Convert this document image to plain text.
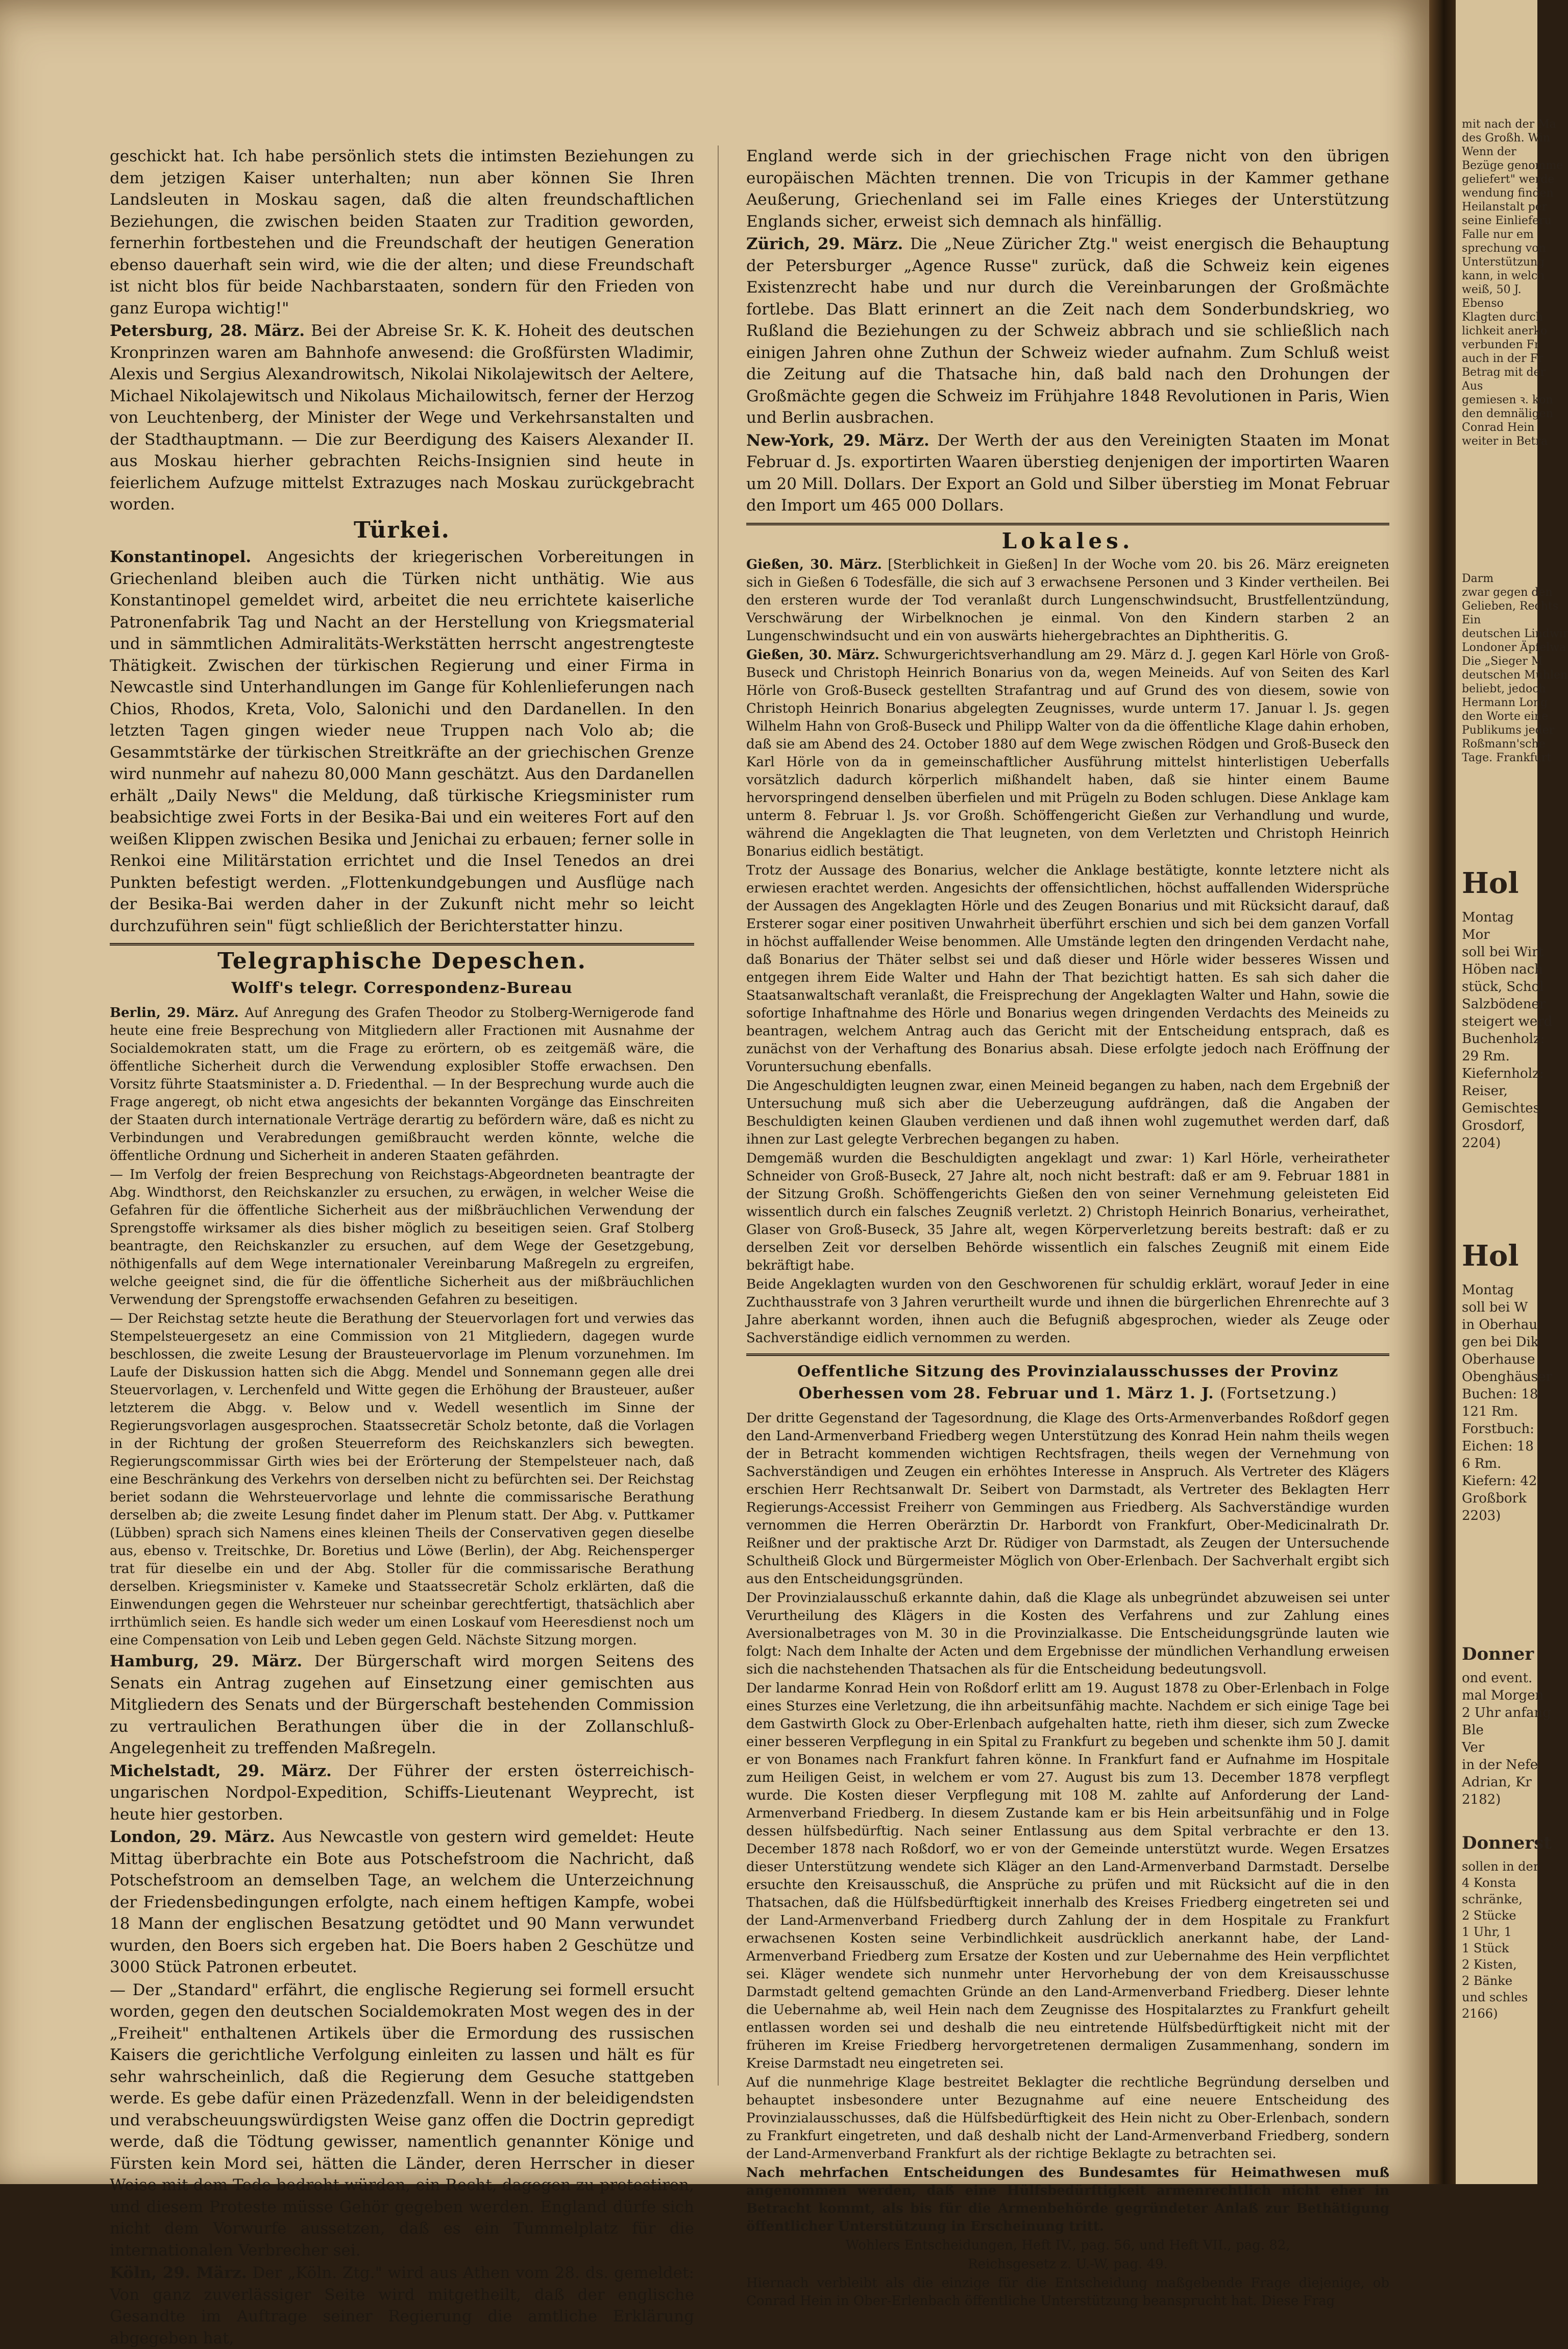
geschickt hat. Ich habe persönlich stets die intimsten Beziehungen zu dem jetzigen Kaiser unterhalten; nun aber können Sie Ihren Landsleuten in Moskau sagen, daß die alten freundschaftlichen Beziehungen, die zwischen beiden Staaten zur Tradition geworden, fernerhin fortbestehen und die Freundschaft der heutigen Generation ebenso dauerhaft sein wird, wie die der alten; und diese Freundschaft ist nicht blos für beide Nachbarstaaten, sondern für den Frieden von ganz Europa wichtig!"

Petersburg, 28. März. Bei der Abreise Sr. K. K. Hoheit des deutschen Kronprinzen waren am Bahnhofe anwesend: die Großfürsten Wladimir, Alexis und Sergius Alexandrowitsch, Nikolai Nikolajewitsch der Aeltere, Michael Nikolajewitsch und Nikolaus Michailowitsch, ferner der Herzog von Leuchtenberg, der Minister der Wege und Verkehrsanstalten und der Stadthauptmann. — Die zur Beerdigung des Kaisers Alexander II. aus Moskau hierher gebrachten Reichs-Insignien sind heute in feierlichem Aufzuge mittelst Extrazuges nach Moskau zurückgebracht worden.

Türkei.

Konstantinopel. Angesichts der kriegerischen Vorbereitungen in Griechenland bleiben auch die Türken nicht unthätig. Wie aus Konstantinopel gemeldet wird, arbeitet die neu errichtete kaiserliche Patronenfabrik Tag und Nacht an der Herstellung von Kriegsmaterial und in sämmtlichen Admiralitäts-Werkstätten herrscht angestrengteste Thätigkeit. Zwischen der türkischen Regierung und einer Firma in Newcastle sind Unterhandlungen im Gange für Kohlenlieferungen nach Chios, Rhodos, Kreta, Volo, Salonichi und den Dardanellen. In den letzten Tagen gingen wieder neue Truppen nach Volo ab; die Gesammtstärke der türkischen Streitkräfte an der griechischen Grenze wird nunmehr auf nahezu 80,000 Mann geschätzt. Aus den Dardanellen erhält „Daily News" die Meldung, daß türkische Kriegsminister rum beabsichtige zwei Forts in der Besika-Bai und ein weiteres Fort auf den weißen Klippen zwischen Besika und Jenichai zu erbauen; ferner solle in Renkoi eine Militärstation errichtet und die Insel Tenedos an drei Punkten befestigt werden. „Flottenkundgebungen und Ausflüge nach der Besika-Bai werden daher in der Zukunft nicht mehr so leicht durchzuführen sein" fügt schließlich der Berichterstatter hinzu.

Telegraphische Depeschen.
Wolff's telegr. Correspondenz-Bureau

Berlin, 29. März. Auf Anregung des Grafen Theodor zu Stolberg-Wernigerode fand heute eine freie Besprechung von Mitgliedern aller Fractionen mit Ausnahme der Socialdemokraten statt, um die Frage zu erörtern, ob es zeitgemäß wäre, die öffentliche Sicherheit durch die Verwendung explosibler Stoffe erwachsen. Den Vorsitz führte Staatsminister a. D. Friedenthal. — In der Besprechung wurde auch die Frage angeregt, ob nicht etwa angesichts der bekannten Vorgänge das Einschreiten der Staaten durch internationale Verträge derartig zu befördern wäre, daß es nicht zu Verbindungen und Verabredungen gemißbraucht werden könnte, welche die öffentliche Ordnung und Sicherheit in anderen Staaten gefährden.

— Im Verfolg der freien Besprechung von Reichstags-Abgeordneten beantragte der Abg. Windthorst, den Reichskanzler zu ersuchen, zu erwägen, in welcher Weise die Gefahren für die öffentliche Sicherheit aus der mißbräuchlichen Verwendung der Sprengstoffe wirksamer als dies bisher möglich zu beseitigen seien. Graf Stolberg beantragte, den Reichskanzler zu ersuchen, auf dem Wege der Gesetzgebung, nöthigenfalls auf dem Wege internationaler Vereinbarung Maßregeln zu ergreifen, welche geeignet sind, die für die öffentliche Sicherheit aus der mißbräuchlichen Verwendung der Sprengstoffe erwachsenden Gefahren zu beseitigen.

— Der Reichstag setzte heute die Berathung der Steuervorlagen fort und verwies das Stempelsteuergesetz an eine Commission von 21 Mitgliedern, dagegen wurde beschlossen, die zweite Lesung der Brausteuervorlage im Plenum vorzunehmen. Im Laufe der Diskussion hatten sich die Abgg. Mendel und Sonnemann gegen alle drei Steuervorlagen, v. Lerchenfeld und Witte gegen die Erhöhung der Brausteuer, außer letzterem die Abgg. v. Below und v. Wedell wesentlich im Sinne der Regierungsvorlagen ausgesprochen. Staatssecretär Scholz betonte, daß die Vorlagen in der Richtung der großen Steuerreform des Reichskanzlers sich bewegten. Regierungscommissar Girth wies bei der Erörterung der Stempelsteuer nach, daß eine Beschränkung des Verkehrs von derselben nicht zu befürchten sei. Der Reichstag beriet sodann die Wehrsteuervorlage und lehnte die commissarische Berathung derselben ab; die zweite Lesung findet daher im Plenum statt. Der Abg. v. Puttkamer (Lübben) sprach sich Namens eines kleinen Theils der Conservativen gegen dieselbe aus, ebenso v. Treitschke, Dr. Boretius und Löwe (Berlin), der Abg. Reichensperger trat für dieselbe ein und der Abg. Stoller für die commissarische Berathung derselben. Kriegsminister v. Kameke und Staatssecretär Scholz erklärten, daß die Einwendungen gegen die Wehrsteuer nur scheinbar gerechtfertigt, thatsächlich aber irrthümlich seien. Es handle sich weder um einen Loskauf vom Heeresdienst noch um eine Compensation von Leib und Leben gegen Geld. Nächste Sitzung morgen.

Hamburg, 29. März. Der Bürgerschaft wird morgen Seitens des Senats ein Antrag zugehen auf Einsetzung einer gemischten aus Mitgliedern des Senats und der Bürgerschaft bestehenden Commission zu vertraulichen Berathungen über die in der Zollanschluß-Angelegenheit zu treffenden Maßregeln.

Michelstadt, 29. März. Der Führer der ersten österreichisch-ungarischen Nordpol-Expedition, Schiffs-Lieutenant Weyprecht, ist heute hier gestorben.

London, 29. März. Aus Newcastle von gestern wird gemeldet: Heute Mittag überbrachte ein Bote aus Potschefstroom die Nachricht, daß Potschefstroom an demselben Tage, an welchem die Unterzeichnung der Friedensbedingungen erfolgte, nach einem heftigen Kampfe, wobei 18 Mann der englischen Besatzung getödtet und 90 Mann verwundet wurden, den Boers sich ergeben hat. Die Boers haben 2 Geschütze und 3000 Stück Patronen erbeutet.

— Der „Standard" erfährt, die englische Regierung sei formell ersucht worden, gegen den deutschen Socialdemokraten Most wegen des in der „Freiheit" enthaltenen Artikels über die Ermordung des russischen Kaisers die gerichtliche Verfolgung einleiten zu lassen und hält es für sehr wahrscheinlich, daß die Regierung dem Gesuche stattgeben werde. Es gebe dafür einen Präzedenzfall. Wenn in der beleidigendsten und verabscheuungswürdigsten Weise ganz offen die Doctrin gepredigt werde, daß die Tödtung gewisser, namentlich genannter Könige und Fürsten kein Mord sei, hätten die Länder, deren Herrscher in dieser Weise mit dem Tode bedroht würden, ein Recht, dagegen zu protestiren, und diesem Proteste müsse Gehör gegeben werden. England dürfe sich nicht dem Vorwurfe aussetzen, daß es ein Tummelplatz für die internationalen Verbrecher sei.

Köln, 29. März. Der „Köln. Ztg." wird aus Athen vom 28. ds. gemeldet: Von ganz zuverlässiger Seite wird mitgetheilt, daß der englische Gesandte im Auftrage seiner Regierung die amtliche Erklärung abgegeben hat,

England werde sich in der griechischen Frage nicht von den übrigen europäischen Mächten trennen. Die von Tricupis in der Kammer gethane Aeußerung, Griechenland sei im Falle eines Krieges der Unterstützung Englands sicher, erweist sich demnach als hinfällig.

Zürich, 29. März. Die „Neue Züricher Ztg." weist energisch die Behauptung der Petersburger „Agence Russe" zurück, daß die Schweiz kein eigenes Existenzrecht habe und nur durch die Vereinbarungen der Großmächte fortlebe. Das Blatt erinnert an die Zeit nach dem Sonderbundskrieg, wo Rußland die Beziehungen zu der Schweiz abbrach und sie schließlich nach einigen Jahren ohne Zuthun der Schweiz wieder aufnahm. Zum Schluß weist die Zeitung auf die Thatsache hin, daß bald nach den Drohungen der Großmächte gegen die Schweiz im Frühjahre 1848 Revolutionen in Paris, Wien und Berlin ausbrachen.

New-York, 29. März. Der Werth der aus den Vereinigten Staaten im Monat Februar d. Js. exportirten Waaren überstieg denjenigen der importirten Waaren um 20 Mill. Dollars. Der Export an Gold und Silber überstieg im Monat Februar den Import um 465 000 Dollars.

Lokales.

Gießen, 30. März. [Sterblichkeit in Gießen] In der Woche vom 20. bis 26. März ereigneten sich in Gießen 6 Todesfälle, die sich auf 3 erwachsene Personen und 3 Kinder vertheilen. Bei den ersteren wurde der Tod veranlaßt durch Lungenschwindsucht, Brustfellentzündung, Verschwärung der Wirbelknochen je einmal. Von den Kindern starben 2 an Lungenschwindsucht und ein von auswärts hiehergebrachtes an Diphtheritis. G.

Gießen, 30. März. Schwurgerichtsverhandlung am 29. März d. J. gegen Karl Hörle von Groß-Buseck und Christoph Heinrich Bonarius von da, wegen Meineids. Auf von Seiten des Karl Hörle von Groß-Buseck gestellten Strafantrag und auf Grund des von diesem, sowie von Christoph Heinrich Bonarius abgelegten Zeugnisses, wurde unterm 17. Januar l. Js. gegen Wilhelm Hahn von Groß-Buseck und Philipp Walter von da die öffentliche Klage dahin erhoben, daß sie am Abend des 24. October 1880 auf dem Wege zwischen Rödgen und Groß-Buseck den Karl Hörle von da in gemeinschaftlicher Ausführung mittelst hinterlistigen Ueberfalls vorsätzlich dadurch körperlich mißhandelt haben, daß sie hinter einem Baume hervorspringend denselben überfielen und mit Prügeln zu Boden schlugen. Diese Anklage kam unterm 8. Februar l. Js. vor Großh. Schöffengericht Gießen zur Verhandlung und wurde, während die Angeklagten die That leugneten, von dem Verletzten und Christoph Heinrich Bonarius eidlich bestätigt.

Trotz der Aussage des Bonarius, welcher die Anklage bestätigte, konnte letztere nicht als erwiesen erachtet werden. Angesichts der offensichtlichen, höchst auffallenden Widersprüche der Aussagen des Angeklagten Hörle und des Zeugen Bonarius und mit Rücksicht darauf, daß Ersterer sogar einer positiven Unwahrheit überführt erschien und sich bei dem ganzen Vorfall in höchst auffallender Weise benommen. Alle Umstände legten den dringenden Verdacht nahe, daß Bonarius der Thäter selbst sei und daß dieser und Hörle wider besseres Wissen und entgegen ihrem Eide Walter und Hahn der That bezichtigt hatten. Es sah sich daher die Staatsanwaltschaft veranlaßt, die Freisprechung der Angeklagten Walter und Hahn, sowie die sofortige Inhaftnahme des Hörle und Bonarius wegen dringenden Verdachts des Meineids zu beantragen, welchem Antrag auch das Gericht mit der Entscheidung entsprach, daß es zunächst von der Verhaftung des Bonarius absah. Diese erfolgte jedoch nach Eröffnung der Voruntersuchung ebenfalls.

Die Angeschuldigten leugnen zwar, einen Meineid begangen zu haben, nach dem Ergebniß der Untersuchung muß sich aber die Ueberzeugung aufdrängen, daß die Angaben der Beschuldigten keinen Glauben verdienen und daß ihnen wohl zugemuthet werden darf, daß ihnen zur Last gelegte Verbrechen begangen zu haben.

Demgemäß wurden die Beschuldigten angeklagt und zwar: 1) Karl Hörle, verheiratheter Schneider von Groß-Buseck, 27 Jahre alt, noch nicht bestraft: daß er am 9. Februar 1881 in der Sitzung Großh. Schöffengerichts Gießen den von seiner Vernehmung geleisteten Eid wissentlich durch ein falsches Zeugniß verletzt. 2) Christoph Heinrich Bonarius, verheirathet, Glaser von Groß-Buseck, 35 Jahre alt, wegen Körperverletzung bereits bestraft: daß er zu derselben Zeit vor derselben Behörde wissentlich ein falsches Zeugniß mit einem Eide bekräftigt habe.

Beide Angeklagten wurden von den Geschworenen für schuldig erklärt, worauf Jeder in eine Zuchthausstrafe von 3 Jahren verurtheilt wurde und ihnen die bürgerlichen Ehrenrechte auf 3 Jahre aberkannt worden, ihnen auch die Befugniß abgesprochen, wieder als Zeuge oder Sachverständige eidlich vernommen zu werden.

Oeffentliche Sitzung des Provinzialausschusses der Provinz Oberhessen vom 28. Februar und 1. März 1. J. (Fortsetzung.)

Der dritte Gegenstand der Tagesordnung, die Klage des Orts-Armenverbandes Roßdorf gegen den Land-Armenverband Friedberg wegen Unterstützung des Konrad Hein nahm theils wegen der in Betracht kommenden wichtigen Rechtsfragen, theils wegen der Vernehmung von Sachverständigen und Zeugen ein erhöhtes Interesse in Anspruch. Als Vertreter des Klägers erschien Herr Rechtsanwalt Dr. Seibert von Darmstadt, als Vertreter des Beklagten Herr Regierungs-Accessist Freiherr von Gemmingen aus Friedberg. Als Sachverständige wurden vernommen die Herren Oberärztin Dr. Harbordt von Frankfurt, Ober-Medicinalrath Dr. Reißner und der praktische Arzt Dr. Rüdiger von Darmstadt, als Zeugen der Untersuchende Schultheiß Glock und Bürgermeister Möglich von Ober-Erlenbach. Der Sachverhalt ergibt sich aus den Entscheidungsgründen.

Der Provinzialausschuß erkannte dahin, daß die Klage als unbegründet abzuweisen sei unter Verurtheilung des Klägers in die Kosten des Verfahrens und zur Zahlung eines Aversionalbetrages von M. 30 in die Provinzialkasse. Die Entscheidungsgründe lauten wie folgt: Nach dem Inhalte der Acten und dem Ergebnisse der mündlichen Verhandlung erweisen sich die nachstehenden Thatsachen als für die Entscheidung bedeutungsvoll.

Der landarme Konrad Hein von Roßdorf erlitt am 19. August 1878 zu Ober-Erlenbach in Folge eines Sturzes eine Verletzung, die ihn arbeitsunfähig machte. Nachdem er sich einige Tage bei dem Gastwirth Glock zu Ober-Erlenbach aufgehalten hatte, rieth ihm dieser, sich zum Zwecke einer besseren Verpflegung in ein Spital zu Frankfurt zu begeben und schenkte ihm 50 J. damit er von Bonames nach Frankfurt fahren könne. In Frankfurt fand er Aufnahme im Hospitale zum Heiligen Geist, in welchem er vom 27. August bis zum 13. December 1878 verpflegt wurde. Die Kosten dieser Verpflegung mit 108 M. zahlte auf Anforderung der Land-Armenverband Friedberg. In diesem Zustande kam er bis Hein arbeitsunfähig und in Folge dessen hülfsbedürftig. Nach seiner Entlassung aus dem Spital verbrachte er den 13. December 1878 nach Roßdorf, wo er von der Gemeinde unterstützt wurde. Wegen Ersatzes dieser Unterstützung wendete sich Kläger an den Land-Armenverband Darmstadt. Derselbe ersuchte den Kreisausschuß, die Ansprüche zu prüfen und mit Rücksicht auf die in den Thatsachen, daß die Hülfsbedürftigkeit innerhalb des Kreises Friedberg eingetreten sei und der Land-Armenverband Friedberg durch Zahlung der in dem Hospitale zu Frankfurt erwachsenen Kosten seine Verbindlichkeit ausdrücklich anerkannt habe, der Land-Armenverband Friedberg zum Ersatze der Kosten und zur Uebernahme des Hein verpflichtet sei. Kläger wendete sich nunmehr unter Hervorhebung der von dem Kreisausschusse Darmstadt geltend gemachten Gründe an den Land-Armenverband Friedberg. Dieser lehnte die Uebernahme ab, weil Hein nach dem Zeugnisse des Hospitalarztes zu Frankfurt geheilt entlassen worden sei und deshalb die neu eintretende Hülfsbedürftigkeit nicht mit der früheren im Kreise Friedberg hervorgetretenen dermaligen Zusammenhang, sondern im Kreise Darmstadt neu eingetreten sei.

Auf die nunmehrige Klage bestreitet Beklagter die rechtliche Begründung derselben und behauptet insbesondere unter Bezugnahme auf eine neuere Entscheidung des Provinzialausschusses, daß die Hülfsbedürftigkeit des Hein nicht zu Ober-Erlenbach, sondern zu Frankfurt eingetreten, und daß deshalb nicht der Land-Armenverband Friedberg, sondern der Land-Armenverband Frankfurt als der richtige Beklagte zu betrachten sei.

Nach mehrfachen Entscheidungen des Bundesamtes für Heimathwesen muß angenommen werden, daß eine Hülfsbedürftigkeit armenrechtlich nicht eher in Betracht kommt, als bis für die Armenbehörde gegründeter Anlaß zur Bethätigung öffentlicher Unterstützung in Erscheinung tritt.

Wohlers Entscheidungen, Heft IV., pag. 56, und Heft VII., pag. 82,

Reichsgesetz z. U.-W, pag. 49.

Hiernach verbleibt als die einzige für die Entscheidung maßgebende Frage diejenige, ob Conrad Hein in Ober-Erlenbach öffentliche Unterstützung beansprucht hat. Diese Frag

mit nach der Ma
des Großh. Win
Wenn der
Bezüge genomme
geliefert" werde
wendung finden
Heilanstalt per
seine Einlieferu
Falle nur em
sprechung von
Unterstützung
kann, in welch
weiß, 50 J.
Ebenso
Klagten durch
lichkeit anerko
verbunden Fr
auch in der Fr
Betrag mit der
Aus
gemiesen ꝛ. kon
den demnäligen
Conrad Hein
weiter in Betra
Darm
zwar gegen den
Gelieben, Rechts
Ein
deutschen Lindwir
Londoner Äpfelwa
Die „Sieger M
deutschen Mühlen
beliebt, jedoch
Hermann Long
den Worte eine
Publikums jeder
Roßmann'sche
Tage. Frankfurt
Hol
Montag
Mor
soll bei Wirt
Höben nach
stück, Schol
Salzbödener
steigert werd
Buchenholz:
29 Rm.
Kiefernholz:
Reiser,
Gemischtes
Grosdorf,
2204)
Hol
Montag
soll bei W
in Oberhau
gen bei Dik
Oberhause
Obenghäuser
Buchen: 18
121 Rm.
Forstbuch:
Eichen: 18
6 Rm.
Kiefern: 42
Großbork
2203)
Donner
ond event.
mal Morgen
2 Uhr anfang
Ble
Ver
in der Nefe
Adrian, Kr
2182)
Donnerst
sollen in der
4 Konsta
schränke,
2 Stücke
1 Uhr, 1
1 Stück
2 Kisten,
2 Bänke
und schles
2166)
